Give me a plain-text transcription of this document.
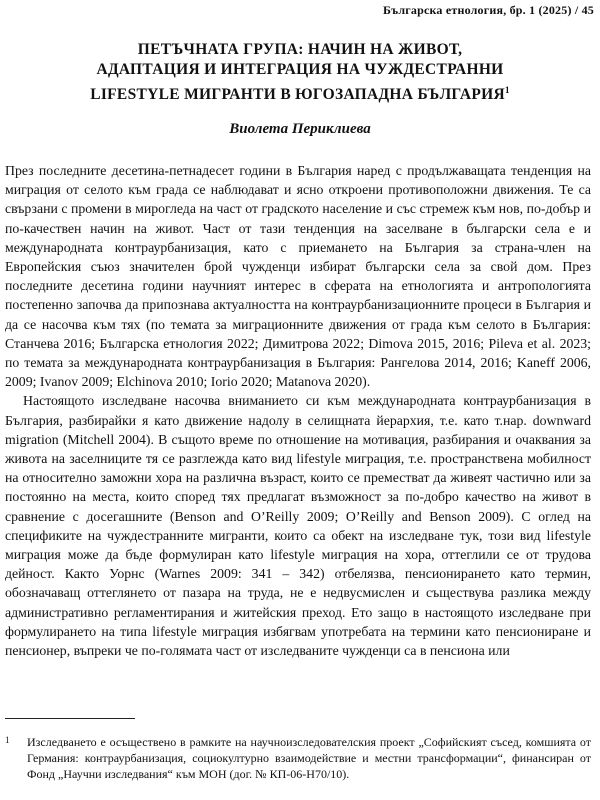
Българска етнология, бр. 1 (2025) / 45
ПЕТЪЧНАТА ГРУПА: НАЧИН НА ЖИВОТ,
АДАПТАЦИЯ И ИНТЕГРАЦИЯ НА ЧУЖДЕСТРАННИ
LIFESTYLE МИГРАНТИ В ЮГОЗАПАДНА БЪЛГАРИЯ$^1$
Виолета Периклиева

През последните десетина-петнадесет години в България наред с продължаващата тенденция на миграция от селото към града се наблюдават и ясно откроени противоположни движения. Те са свързани с промени в мирогледа на част от градското население и със стремеж към нов, по-добър и по-качествен начин на живот. Част от тази тенденция на заселване в български села е и международната контраурбанизация, като с приемането на България за страна-член на Европейския съюз значителен брой чужденци избират български села за свой дом. През последните десетина години научният интерес в сферата на етнологията и антропологията постепенно започва да припознава актуалността на контраурбанизационните процеси в България и да се насочва към тях (по темата за миграционните движения от града към селото в България: Станчева 2016; Българска етнология 2022; Димитрова 2022; Dimova 2015, 2016; Pileva et al. 2023; по темата за международната контраурбанизация в България: Рангелова 2014, 2016; Kaneff 2006, 2009; Ivanov 2009; Elchinova 2010; Iorio 2020; Matanova 2020).

Настоящото изследване насочва вниманието си към международната контраурбанизация в България, разбирайки я като движение надолу в селищната йерархия, т.е. като т.нар. downward migration (Mitchell 2004). В същото време по отношение на мотивация, разбирания и очаквания за живота на заселниците тя се разглежда като вид lifestyle миграция, т.е. пространствена мобилност на относително заможни хора на различна възраст, които се преместват да живеят частично или за постоянно на места, които според тях предлагат възможност за по-добро качество на живот в сравнение с досегашните (Benson and O’Reilly 2009; O’Reilly and Benson 2009). С оглед на спецификите на чуждестранните мигранти, които са обект на изследване тук, този вид lifestyle миграция може да бъде формулиран като lifestyle миграция на хора, оттеглили се от трудова дейност. Както Уорнс (Warnes 2009: 341 – 342) отбелязва, пенсионирането като термин, обозначаващ оттеглянето от пазара на труда, не е недвусмислен и съществува разлика между административно регламентирания и житейския преход. Ето защо в настоящото изследване при формулирането на типа lifestyle миграция избягвам употребата на термини като пенсиониране и пенсионер, въпреки че по-голямата част от изследваните чужденци са в пенсиона или

1 Изследването е осъществено в рамките на научноизследователския проект „Софийският съсед, комшията от Германия: контраурбанизация, социокултурно взаимодействие и местни трансформации“, финансиран от Фонд „Научни изследвания“ към МОН (дог. № КП-06-Н70/10).
